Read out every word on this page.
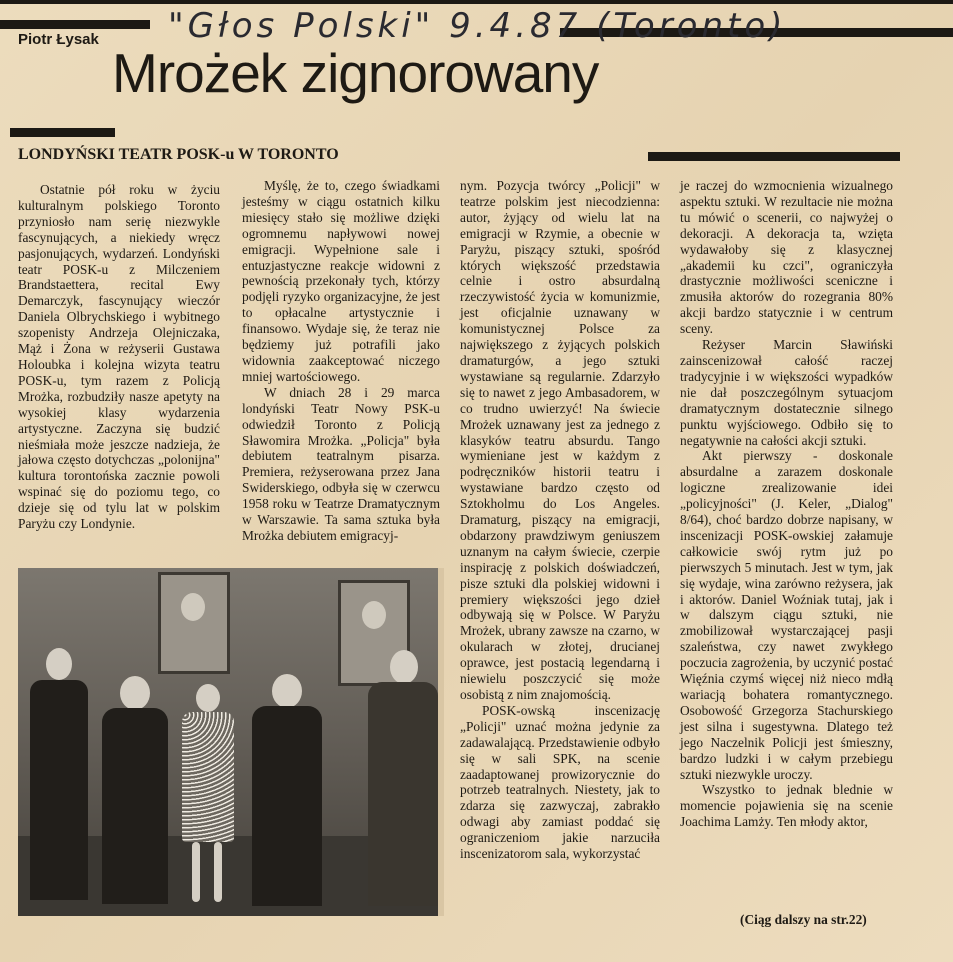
"Głos Polski" 9.4.87 (Toronto)
Piotr Łysak
Mrożek zignorowany
LONDYŃSKI TEATR POSK-u W TORONTO

Ostatnie pół roku w życiu kulturalnym polskiego Toronto przyniosło nam serię niezwykle fascynujących, a niekiedy wręcz pasjonujących, wydarzeń. Londyński teatr POSK-u z Milczeniem Brandstaettera, recital Ewy Demarczyk, fascynujący wieczór Daniela Olbrychskiego i wybitnego szopenisty Andrzeja Olejniczaka, Mąż i Żona w reżyserii Gustawa Holoubka i kolejna wizyta teatru POSK-u, tym razem z Policją Mrożka, rozbudziły nasze apetyty na wysokiej klasy wydarzenia artystyczne. Zaczyna się budzić nieśmiała może jeszcze nadzieja, że jałowa często dotychczas „polonijna" kultura torontońska zacznie powoli wspinać się do poziomu tego, co dzieje się od tylu lat w polskim Paryżu czy Londynie.

Myślę, że to, czego świadkami jesteśmy w ciągu ostatnich kilku miesięcy stało się możliwe dzięki ogromnemu napływowi nowej emigracji. Wypełnione sale i entuzjastyczne reakcje widowni z pewnością przekonały tych, którzy podjęli ryzyko organizacyjne, że jest to opłacalne artystycznie i finansowo. Wydaje się, że teraz nie będziemy już potrafili jako widownia zaakceptować niczego mniej wartościowego.

W dniach 28 i 29 marca londyński Teatr Nowy PSK-u odwiedził Toronto z Policją Sławomira Mrożka. „Policja" była debiutem teatralnym pisarza. Premiera, reżyserowana przez Jana Swiderskiego, odbyła się w czerwcu 1958 roku w Teatrze Dramatycznym w Warszawie. Ta sama sztuka była Mrożka debiutem emigracyj-

nym. Pozycja twórcy „Policji" w teatrze polskim jest niecodzienna: autor, żyjący od wielu lat na emigracji w Rzymie, a obecnie w Paryżu, piszący sztuki, spośród których większość przedstawia celnie i ostro absurdalną rzeczywistość życia w komunizmie, jest oficjalnie uznawany w komunistycznej Polsce za największego z żyjących polskich dramaturgów, a jego sztuki wystawiane są regularnie. Zdarzyło się to nawet z jego Ambasadorem, w co trudno uwierzyć! Na świecie Mrożek uznawany jest za jednego z klasyków teatru absurdu. Tango wymieniane jest w każdym z podręczników historii teatru i wystawiane bardzo często od Sztokholmu do Los Angeles. Dramaturg, piszący na emigracji, obdarzony prawdziwym geniuszem uznanym na całym świecie, czerpie inspirację z polskich doświadczeń, pisze sztuki dla polskiej widowni i premiery większości jego dzieł odbywają się w Polsce. W Paryżu Mrożek, ubrany zawsze na czarno, w okularach w złotej, drucianej oprawce, jest postacią legendarną i niewielu poszczycić się może osobistą z nim znajomością.

POSK-owską inscenizację „Policji" uznać można jedynie za zadawalającą. Przedstawienie odbyło się w sali SPK, na scenie zaadaptowanej prowizorycznie do potrzeb teatralnych. Niestety, jak to zdarza się zazwyczaj, zabrakło odwagi aby zamiast poddać się ograniczeniom jakie narzuciła inscenizatorom sala, wykorzystać

je raczej do wzmocnienia wizualnego aspektu sztuki. W rezultacie nie można tu mówić o scenerii, co najwyżej o dekoracji. A dekoracja ta, wzięta wydawałoby się z klasycznej „akademii ku czci", ograniczyła drastycznie możliwości sceniczne i zmusiła aktorów do rozegrania 80% akcji bardzo statycznie i w centrum sceny.

Reżyser Marcin Sławiński zainscenizował całość raczej tradycyjnie i w większości wypadków nie dał poszczególnym sytuacjom dramatycznym dostatecznie silnego punktu wyjściowego. Odbiło się to negatywnie na całości akcji sztuki.

Akt pierwszy - doskonale absurdalne a zarazem doskonale logiczne zrealizowanie idei „policyjności" (J. Keler, „Dialog" 8/64), choć bardzo dobrze napisany, w inscenizacji POSK-owskiej załamuje całkowicie swój rytm już po pierwszych 5 minutach. Jest w tym, jak się wydaje, wina zarówno reżysera, jak i aktorów. Daniel Woźniak tutaj, jak i w dalszym ciągu sztuki, nie zmobilizował wystarczającej pasji szaleństwa, czy nawet zwykłego poczucia zagrożenia, by uczynić postać Więźnia czymś więcej niż nieco mdłą wariacją bohatera romantycznego. Osobowość Grzegorza Stachurskiego jest silna i sugestywna. Dlatego też jego Naczelnik Policji jest śmieszny, bardzo ludzki i w całym przebiegu sztuki niezwykle uroczy.

Wszystko to jednak blednie w momencie pojawienia się na scenie Joachima Lamży. Ten młody aktor,

(Ciąg dalszy na str.22)
